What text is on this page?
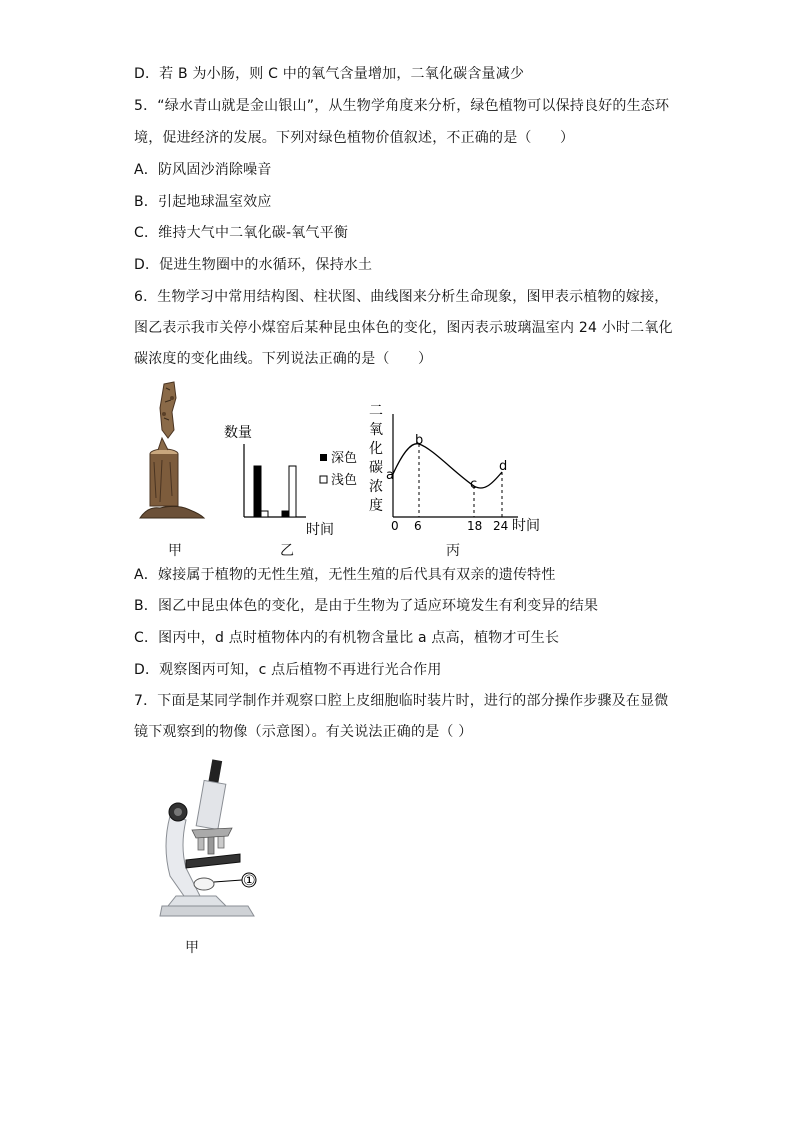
D．若 B 为小肠，则 C 中的氧气含量增加，二氧化碳含量减少
5．“绿水青山就是金山银山”，从生物学角度来分析，绿色植物可以保持良好的生态环
境，促进经济的发展。下列对绿色植物价值叙述，不正确的是（　　）
A．防风固沙消除噪音
B．引起地球温室效应
C．维持大气中二氧化碳-氧气平衡
D．促进生物圈中的水循环，保持水土
6．生物学习中常用结构图、柱状图、曲线图来分析生命现象，图甲表示植物的嫁接，
图乙表示我市关停小煤窑后某种昆虫体色的变化，图丙表示玻璃温室内 24 小时二氧化
碳浓度的变化曲线。下列说法正确的是（　　）
甲
数量
时间
深色
浅色
乙
二
氧
化
碳
浓
度
a
b
c
d
0 6	18 24 时间
丙
A．嫁接属于植物的无性生殖，无性生殖的后代具有双亲的遗传特性
B．图乙中昆虫体色的变化，是由于生物为了适应环境发生有利变异的结果
C．图丙中，d 点时植物体内的有机物含量比 a 点高，植物才可生长
D．观察图丙可知，c 点后植物不再进行光合作用
7．下面是某同学制作并观察口腔上皮细胞临时装片时，进行的部分操作步骤及在显微
镜下观察到的物像（示意图）。有关说法正确的是（ ）
①
甲
